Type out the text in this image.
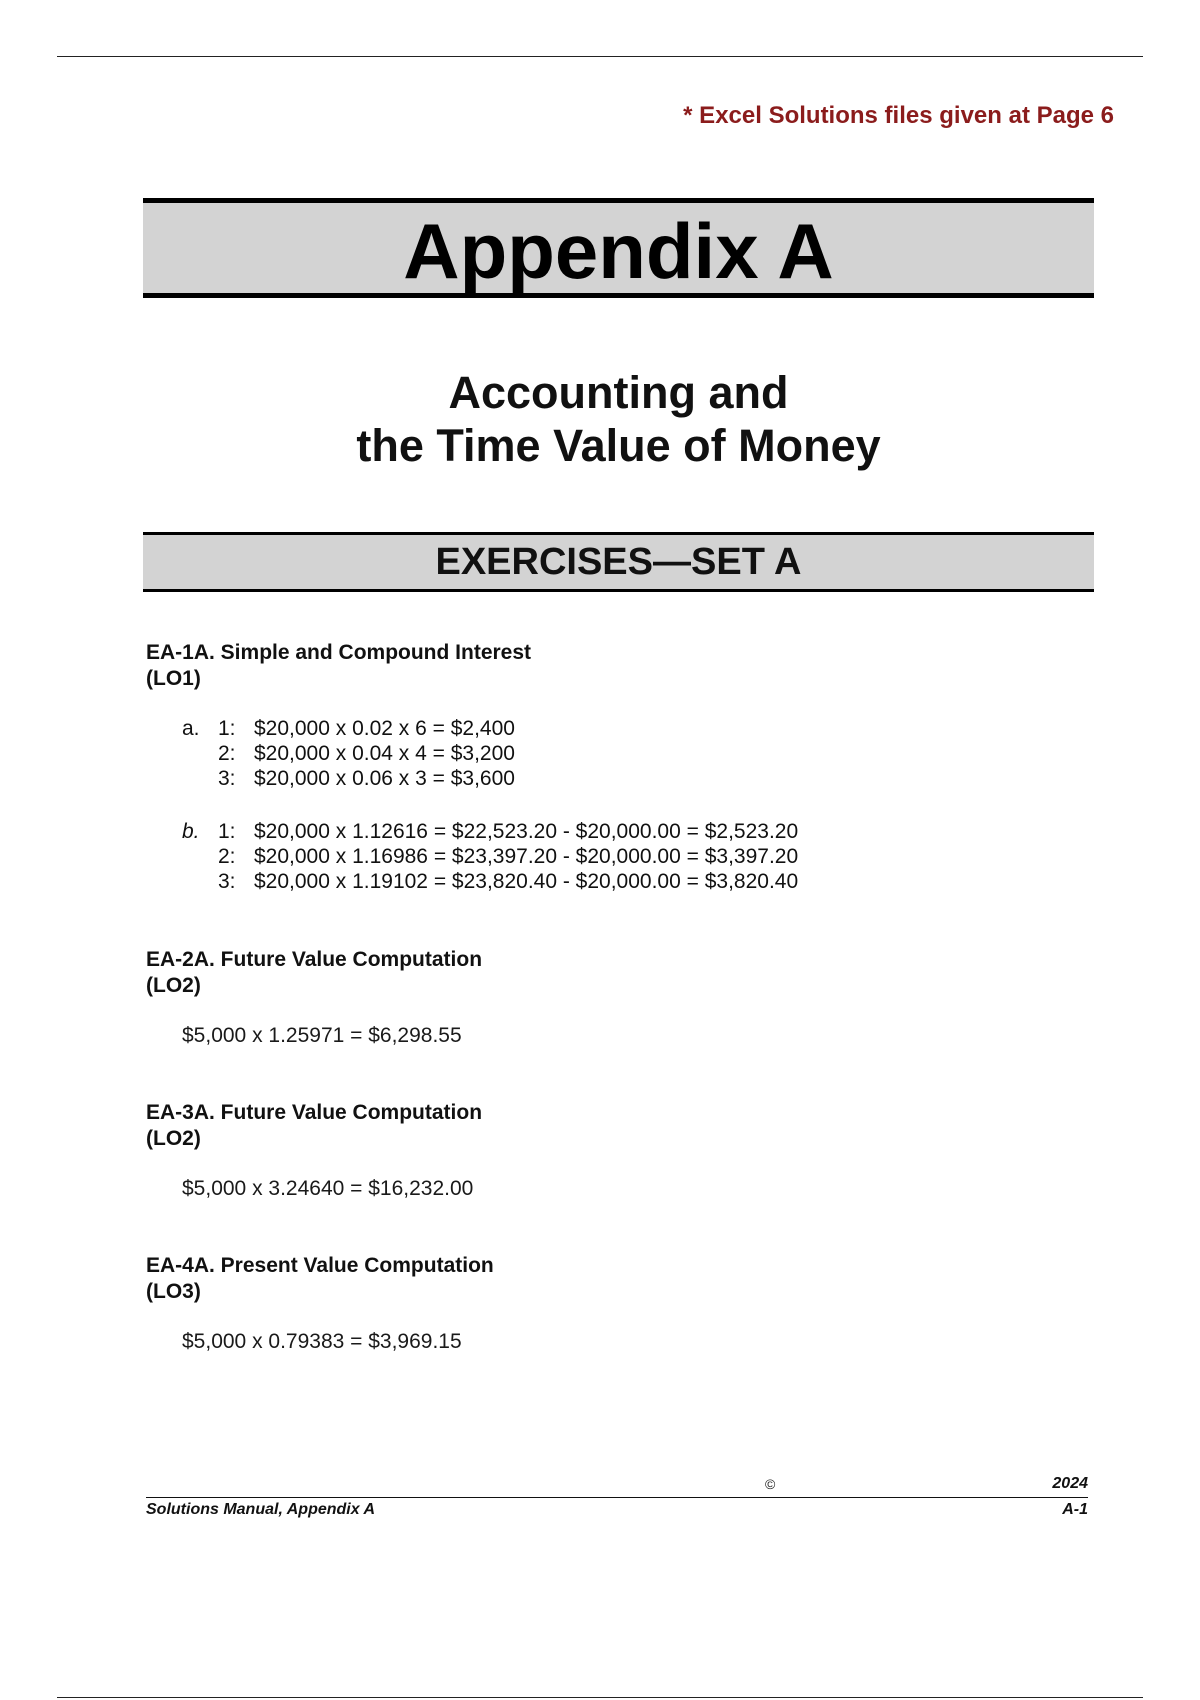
* Excel Solutions files given at Page 6
Appendix A
Accounting and
the Time Value of Money
EXERCISES—SET A
EA-1A. Simple and Compound Interest
(LO1)
a. 1: $20,000 x 0.02 x 6 = $2,400
2: $20,000 x 0.04 x 4 = $3,200
3: $20,000 x 0.06 x 3 = $3,600
b. 1: $20,000 x 1.12616 = $22,523.20 - $20,000.00 = $2,523.20
2: $20,000 x 1.16986 = $23,397.20 - $20,000.00 = $3,397.20
3: $20,000 x 1.19102 = $23,820.40 - $20,000.00 = $3,820.40
EA-2A. Future Value Computation
(LO2)
$5,000 x 1.25971 = $6,298.55
EA-3A. Future Value Computation
(LO2)
$5,000 x 3.24640 = $16,232.00
EA-4A. Present Value Computation
(LO3)
$5,000 x 0.79383 = $3,969.15
©	2024
Solutions Manual, Appendix A	A-1
